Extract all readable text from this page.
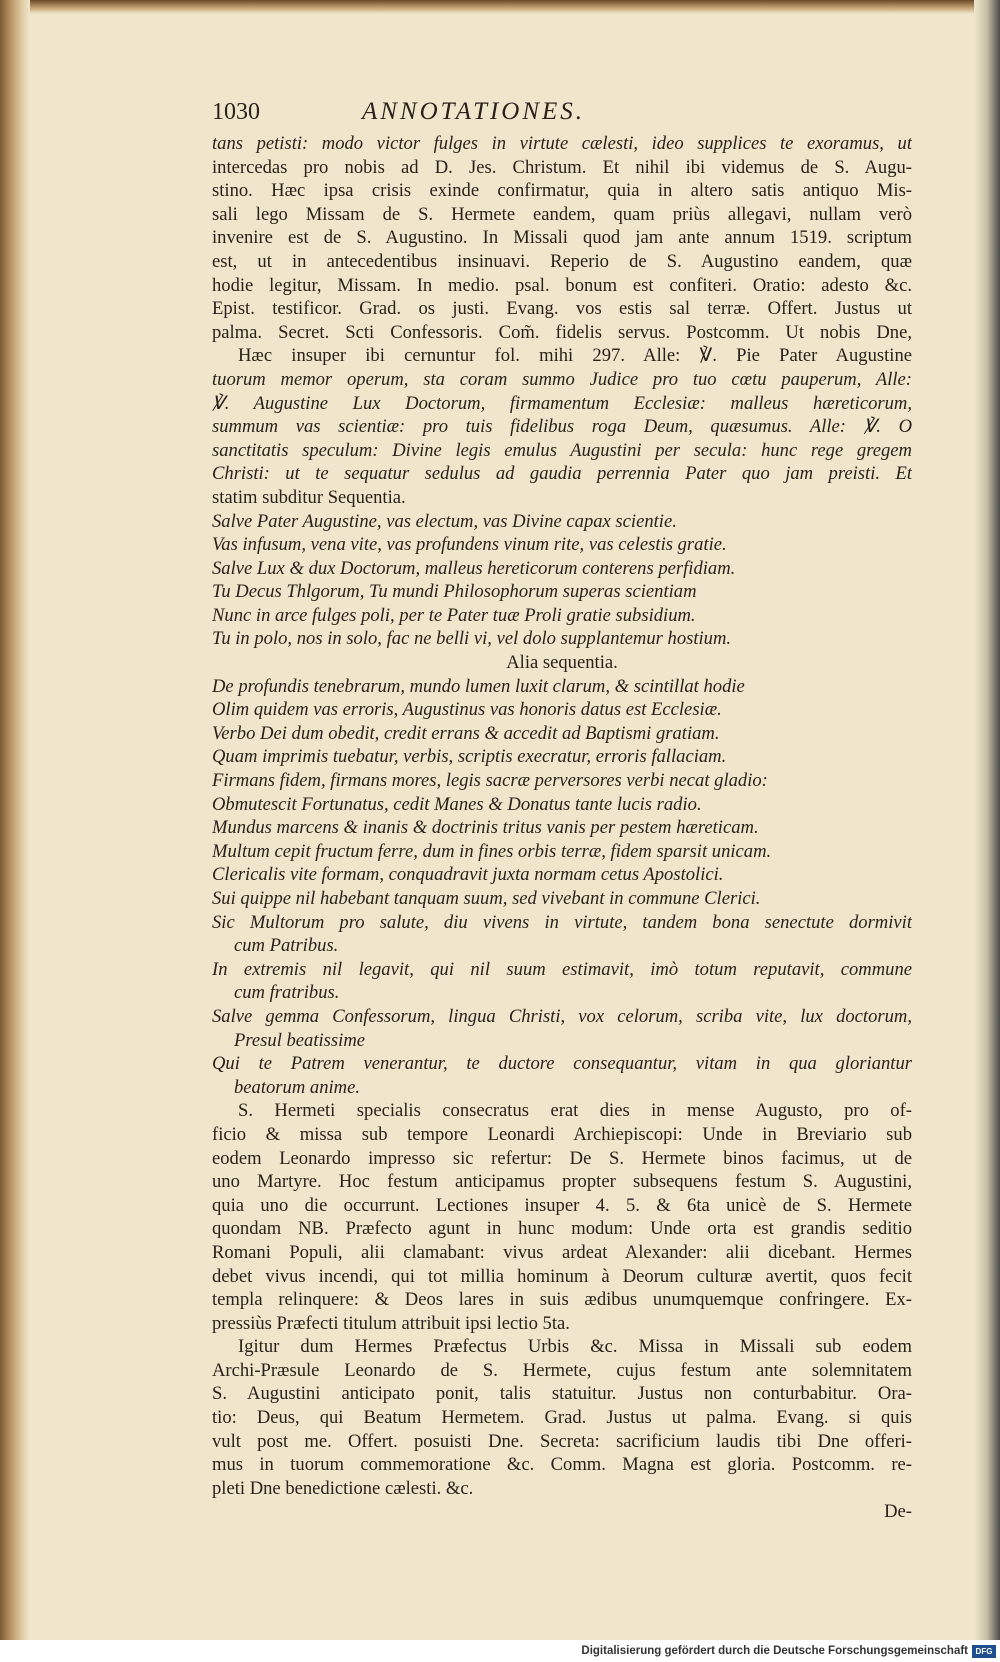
1030	ANNOTATIONES.
tans petisti: modo victor fulges in virtute cælesti, ideo supplices te exoramus, ut
intercedas pro nobis ad D. Jes. Christum. Et nihil ibi videmus de S. Augu-
stino. Hæc ipsa crisis exinde confirmatur, quia in altero satis antiquo Mis-
sali lego Missam de S. Hermete eandem, quam priùs allegavi, nullam verò
invenire est de S. Augustino. In Missali quod jam ante annum 1519. scriptum
est, ut in antecedentibus insinuavi. Reperio de S. Augustino eandem, quæ
hodie legitur, Missam. In medio. psal. bonum est confiteri. Oratio: adesto &c.
Epist. testificor. Grad. os justi. Evang. vos estis sal terræ. Offert. Justus ut
palma. Secret. Scti Confessoris. Com̃. fidelis servus. Postcomm. Ut nobis Dne,
Hæc insuper ibi cernuntur fol. mihi 297. Alle: ℣. Pie Pater Augustine
tuorum memor operum, sta coram summo Judice pro tuo cœtu pauperum, Alle:
℣. Augustine Lux Doctorum, firmamentum Ecclesiæ: malleus hæreticorum,
summum vas scientiæ: pro tuis fidelibus roga Deum, quæsumus. Alle: ℣. O
sanctitatis speculum: Divine legis emulus Augustini per secula: hunc rege gregem
Christi: ut te sequatur sedulus ad gaudia perrennia Pater quo jam preisti. Et
statim subditur Sequentia.
Salve Pater Augustine, vas electum, vas Divine capax scientie.
Vas infusum, vena vite, vas profundens vinum rite, vas celestis gratie.
Salve Lux & dux Doctorum, malleus hereticorum conterens perfidiam.
Tu Decus Thlgorum, Tu mundi Philosophorum superas scientiam
Nunc in arce fulges poli, per te Pater tuæ Proli gratie subsidium.
Tu in polo, nos in solo, fac ne belli vi, vel dolo supplantemur hostium.
Alia sequentia.
De profundis tenebrarum, mundo lumen luxit clarum, & scintillat hodie
Olim quidem vas erroris, Augustinus vas honoris datus est Ecclesiæ.
Verbo Dei dum obedit, credit errans & accedit ad Baptismi gratiam.
Quam imprimis tuebatur, verbis, scriptis execratur, erroris fallaciam.
Firmans fidem, firmans mores, legis sacræ perversores verbi necat gladio:
Obmutescit Fortunatus, cedit Manes & Donatus tante lucis radio.
Mundus marcens & inanis & doctrinis tritus vanis per pestem hæreticam.
Multum cepit fructum ferre, dum in fines orbis terræ, fidem sparsit unicam.
Clericalis vite formam, conquadravit juxta normam cetus Apostolici.
Sui quippe nil habebant tanquam suum, sed vivebant in commune Clerici.
Sic Multorum pro salute, diu vivens in virtute, tandem bona senectute dormivit
cum Patribus.
In extremis nil legavit, qui nil suum estimavit, imò totum reputavit, commune
cum fratribus.
Salve gemma Confessorum, lingua Christi, vox celorum, scriba vite, lux doctorum,
Presul beatissime
Qui te Patrem venerantur, te ductore consequantur, vitam in qua gloriantur
beatorum anime.
S. Hermeti specialis consecratus erat dies in mense Augusto, pro of-
ficio & missa sub tempore Leonardi Archiepiscopi: Unde in Breviario sub
eodem Leonardo impresso sic refertur: De S. Hermete binos facimus, ut de
uno Martyre. Hoc festum anticipamus propter subsequens festum S. Augustini,
quia uno die occurrunt. Lectiones insuper 4. 5. & 6ta unicè de S. Hermete
quondam NB. Præfecto agunt in hunc modum: Unde orta est grandis seditio
Romani Populi, alii clamabant: vivus ardeat Alexander: alii dicebant. Hermes
debet vivus incendi, qui tot millia hominum à Deorum culturæ avertit, quos fecit
templa relinquere: & Deos lares in suis ædibus unumquemque confringere. Ex-
pressiùs Præfecti titulum attribuit ipsi lectio 5ta.
Igitur dum Hermes Præfectus Urbis &c. Missa in Missali sub eodem
Archi-Præsule Leonardo de S. Hermete, cujus festum ante solemnitatem
S. Augustini anticipato ponit, talis statuitur. Justus non conturbabitur. Ora-
tio: Deus, qui Beatum Hermetem. Grad. Justus ut palma. Evang. si quis
vult post me. Offert. posuisti Dne. Secreta: sacrificium laudis tibi Dne offeri-
mus in tuorum commemoratione &c. Comm. Magna est gloria. Postcomm. re-
pleti Dne benedictione cælesti. &c.
De-
Digitalisierung gefördert durch die Deutsche Forschungsgemeinschaft DFG
